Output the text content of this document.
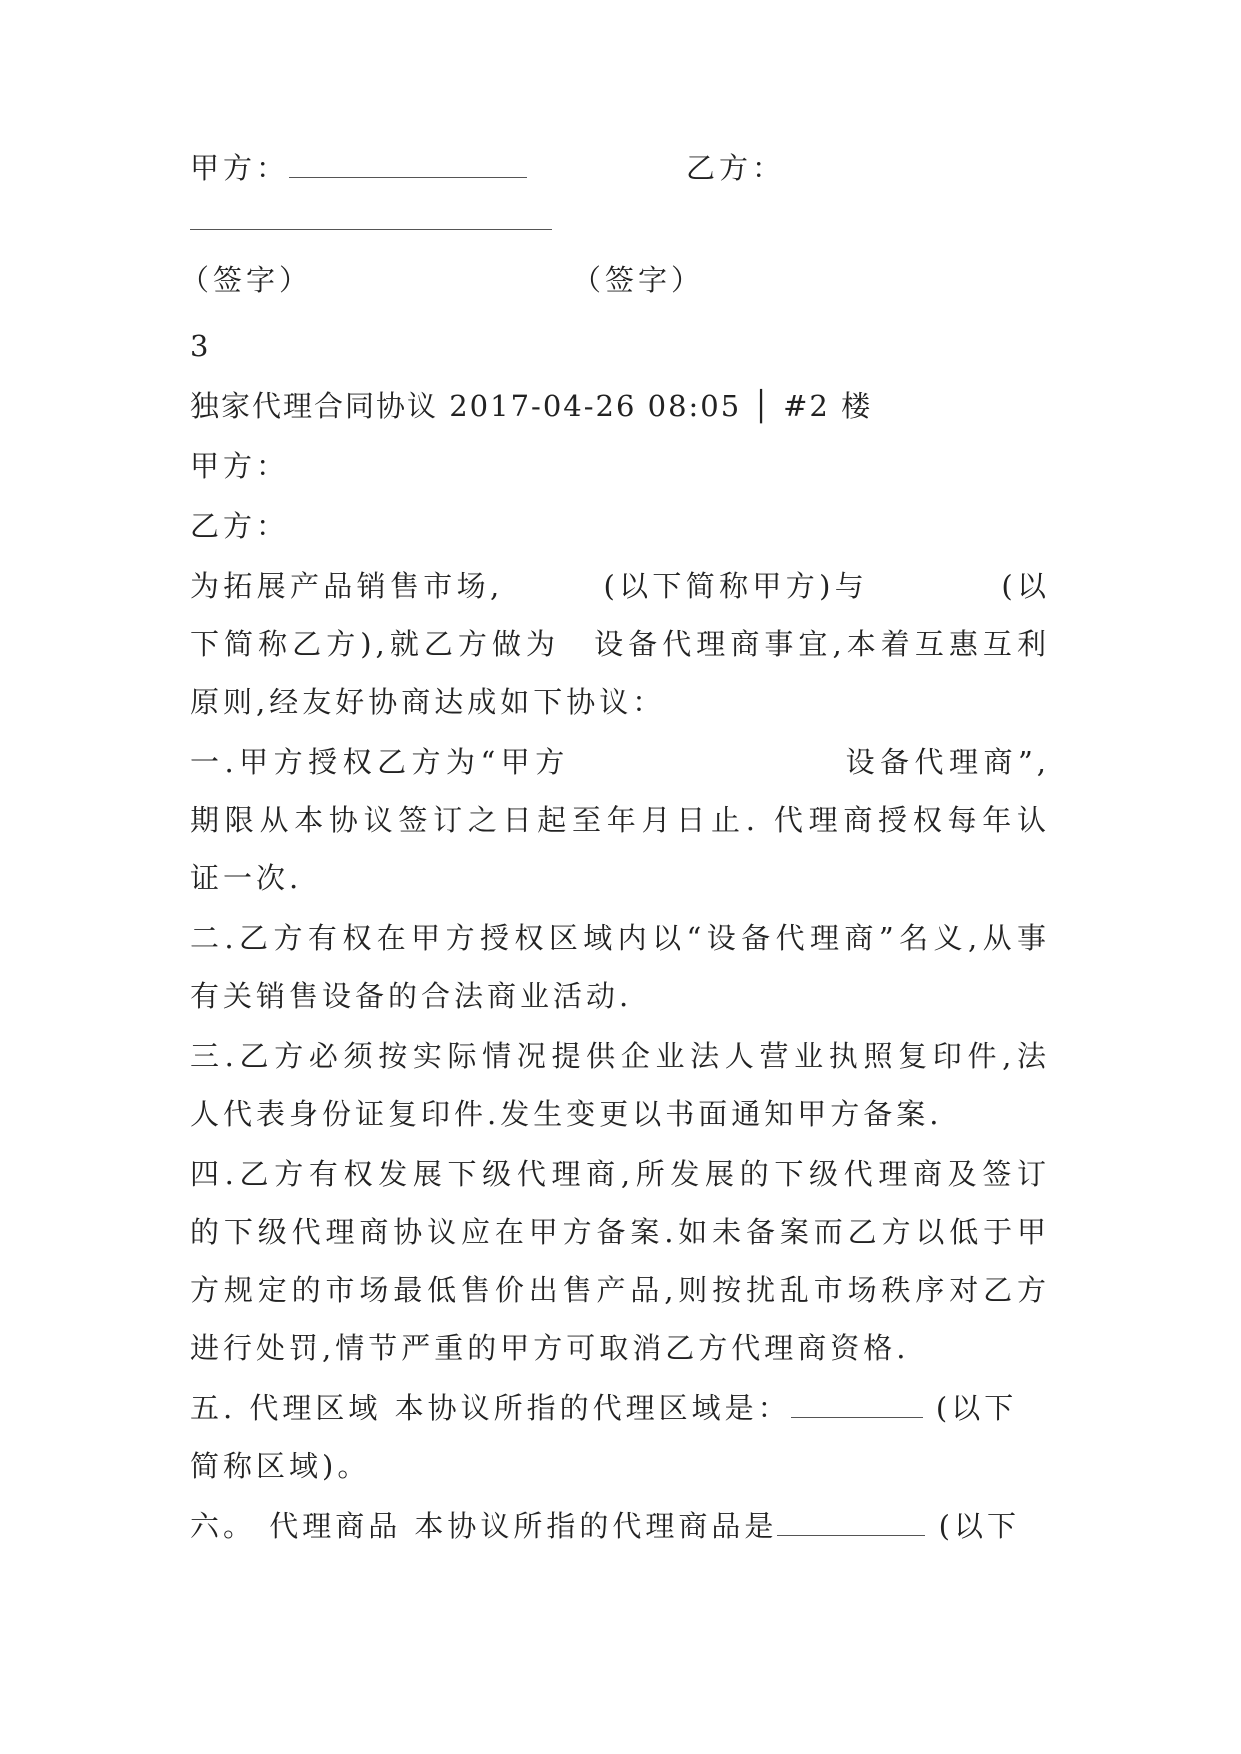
甲方：	乙方：
（签字）	（签字）
3
独家代理合同协议 2017-04-26 08:05 │ #2 楼
甲方：
乙方：
为拓展产品销售市场,　　　(以下简称甲方)与　　　　(以
下简称乙方),就乙方做为　设备代理商事宜,本着互惠互利
原则,经友好协商达成如下协议：
一.甲方授权乙方为“甲方　　　　　　　　设备代理商”,
期限从本协议签订之日起至年月日止. 代理商授权每年认
证一次.
二.乙方有权在甲方授权区域内以“设备代理商”名义,从事
有关销售设备的合法商业活动.
三.乙方必须按实际情况提供企业法人营业执照复印件,法
人代表身份证复印件.发生变更以书面通知甲方备案.
四.乙方有权发展下级代理商,所发展的下级代理商及签订
的下级代理商协议应在甲方备案.如未备案而乙方以低于甲
方规定的市场最低售价出售产品,则按扰乱市场秩序对乙方
进行处罚,情节严重的甲方可取消乙方代理商资格.
五. 代理区域 本协议所指的代理区域是：	(以下
简称区域)。
六。 代理商品 本协议所指的代理商品是	(以下
